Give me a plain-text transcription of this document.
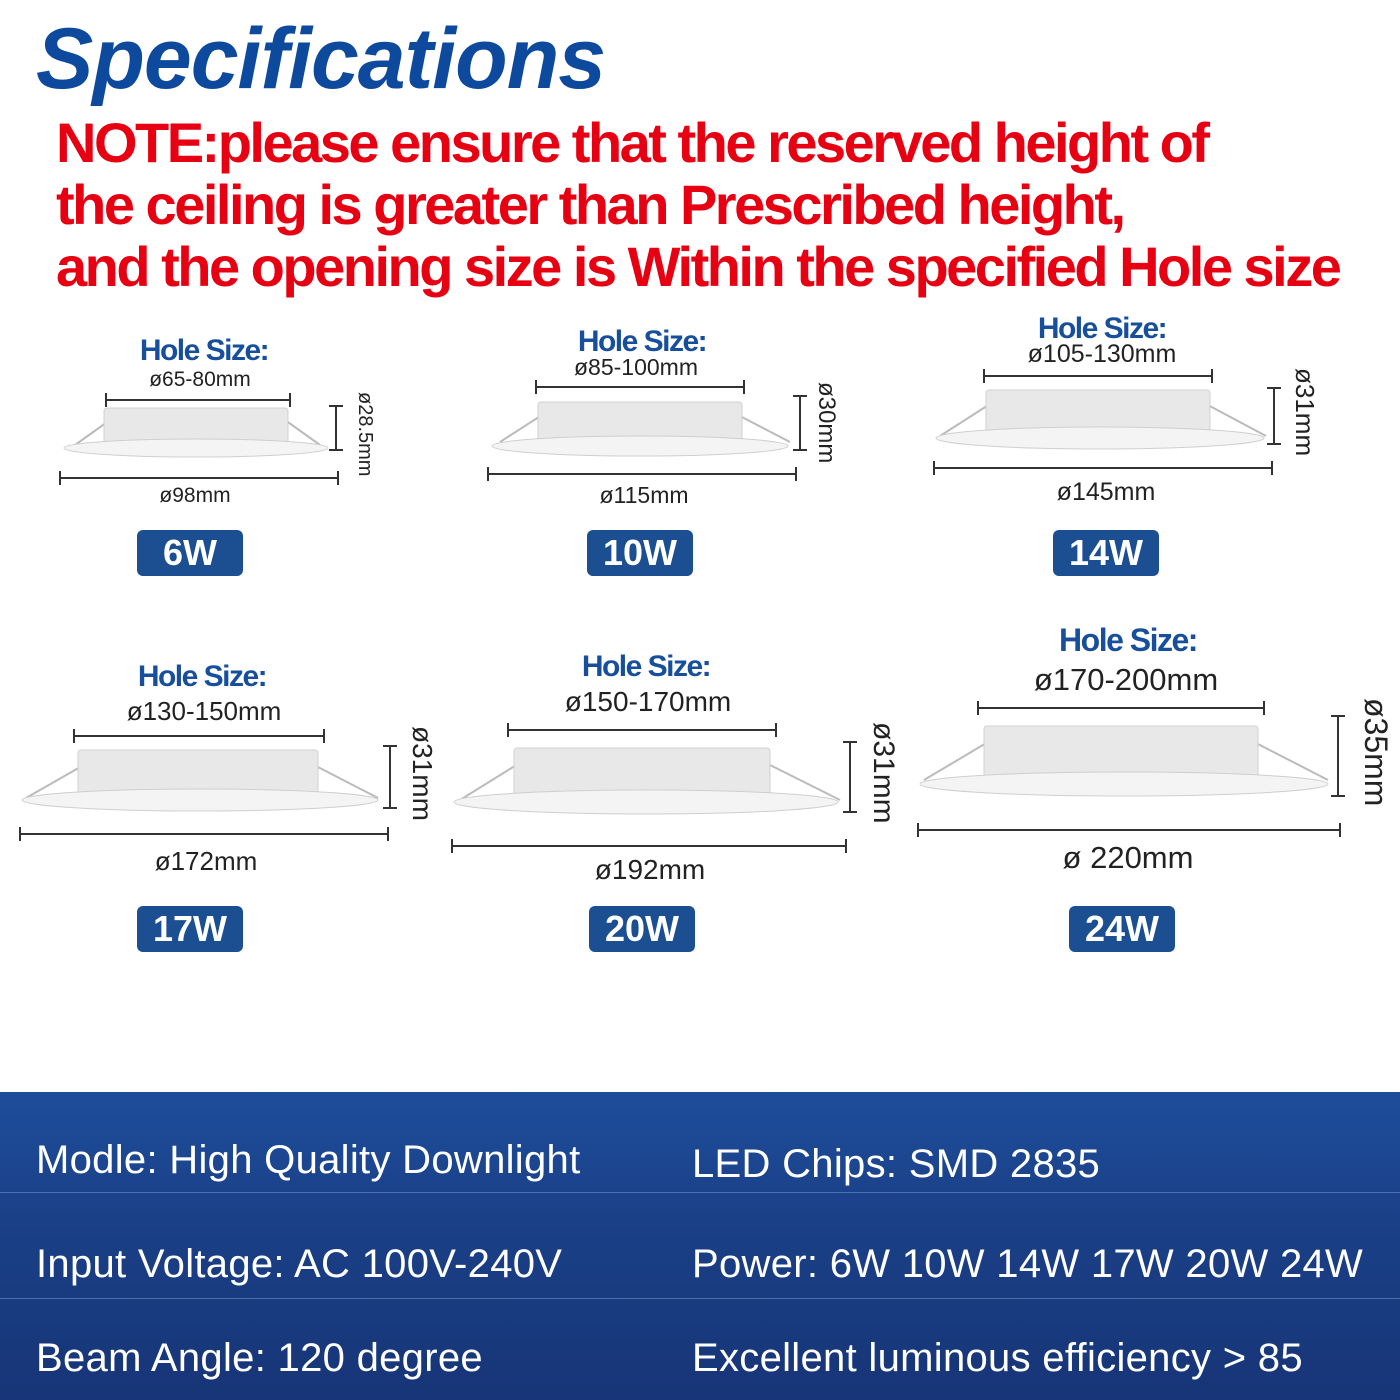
Specifications
NOTE:please ensure that the reserved height of
the ceiling is greater than Prescribed height,
and the opening size is Within the specified Hole size
Hole Size:
ø65-80mm
ø28.5mm
ø98mm
6W
Hole Size:
ø85-100mm
ø30mm
ø115mm
10W
Hole Size:
ø105-130mm
ø31mm
ø145mm
14W
Hole Size:
ø130-150mm
ø31mm
ø172mm
17W
Hole Size:
ø150-170mm
ø31mm
ø192mm
20W
Hole Size:
ø170-200mm
ø35mm
ø 220mm
24W
Modle: High Quality Downlight	LED Chips: SMD 2835
Input Voltage: AC 100V-240V	Power: 6W 10W 14W 17W 20W 24W
Beam Angle: 120 degree	Excellent luminous efficiency > 85
